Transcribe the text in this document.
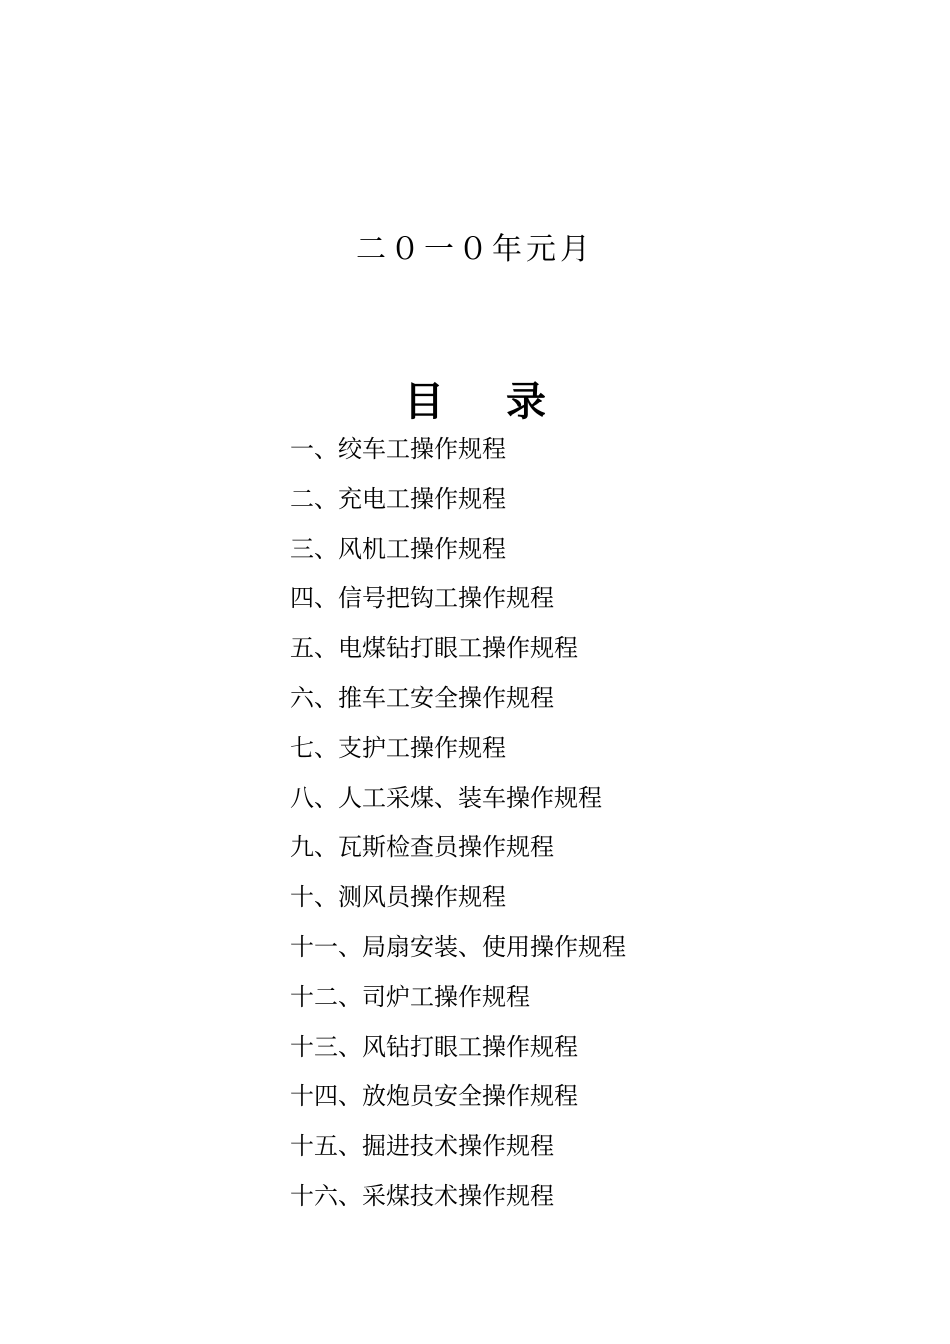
二０一０年元月
目 录
一、绞车工操作规程
二、充电工操作规程
三、风机工操作规程
四、信号把钩工操作规程
五、电煤钻打眼工操作规程
六、推车工安全操作规程
七、支护工操作规程
八、人工采煤、装车操作规程
九、瓦斯检查员操作规程
十、测风员操作规程
十一、局扇安装、使用操作规程
十二、司炉工操作规程
十三、风钻打眼工操作规程
十四、放炮员安全操作规程
十五、掘进技术操作规程
十六、采煤技术操作规程
